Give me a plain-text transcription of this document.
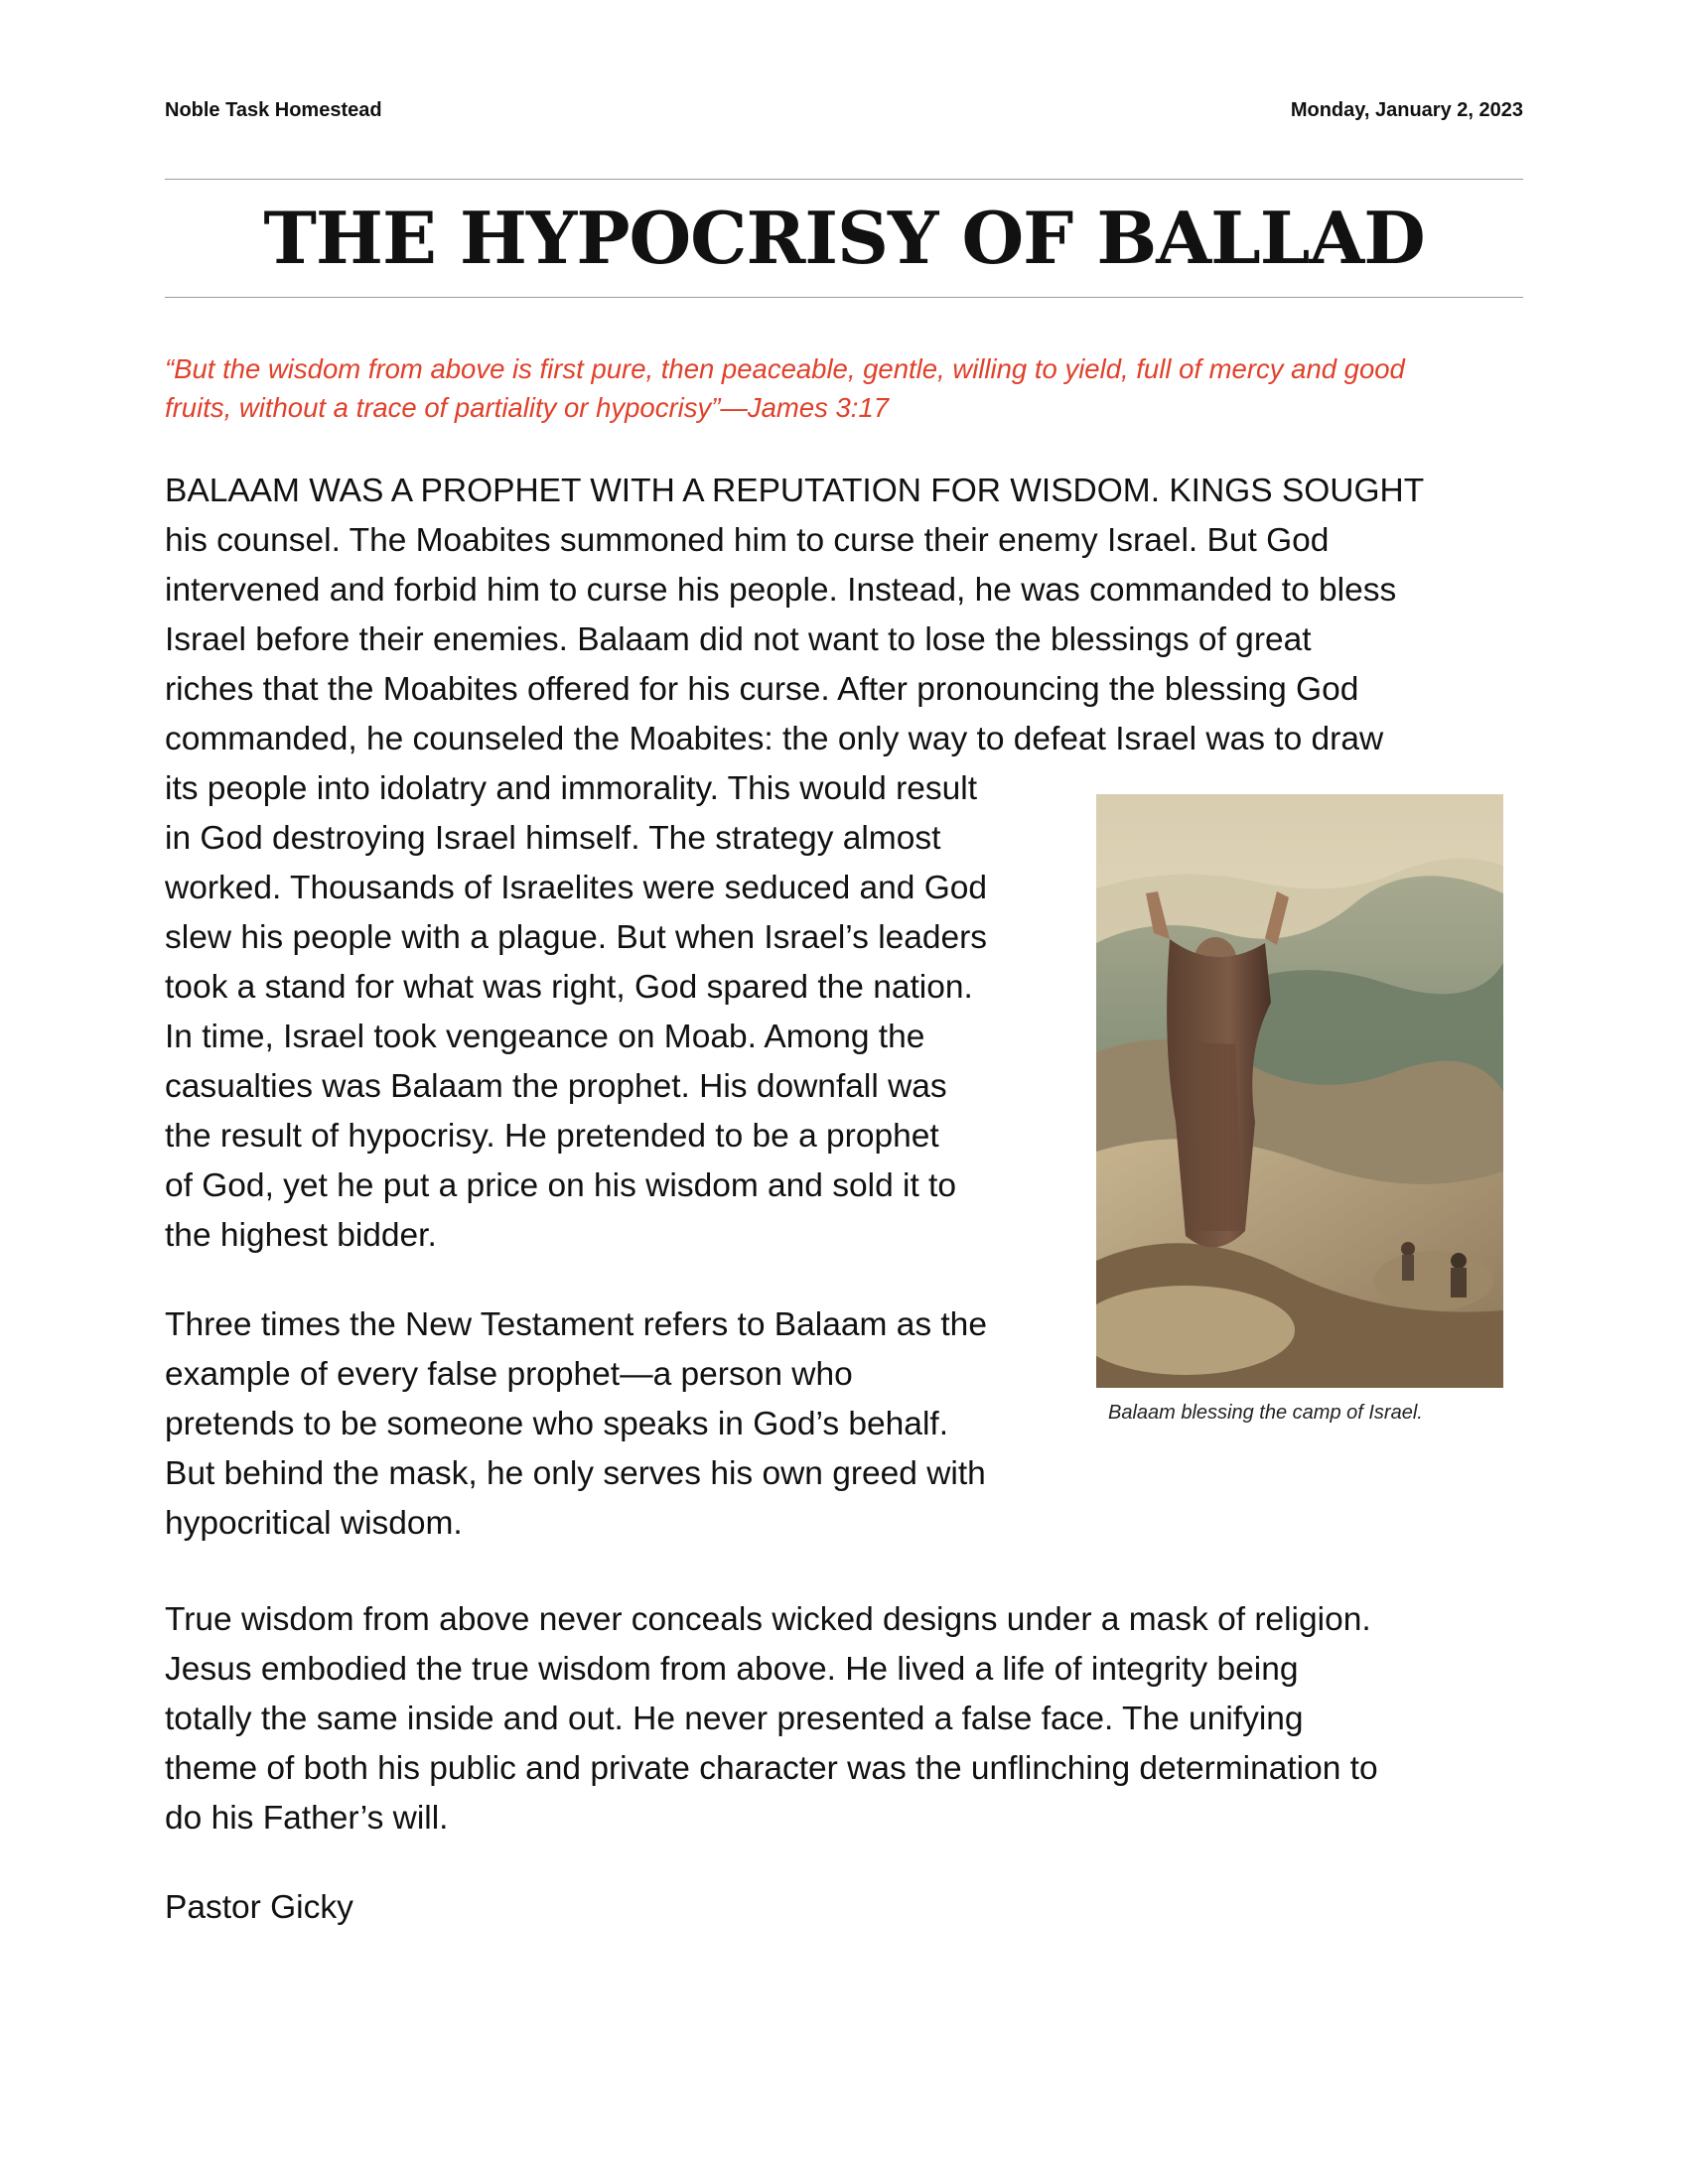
Noble Task Homestead	Monday, January 2, 2023
THE HYPOCRISY OF BALLAD

“But the wisdom from above is first pure, then peaceable, gentle, willing to yield, full of mercy and good
fruits, without a trace of partiality or hypocrisy”—James 3:17

BALAAM WAS A PROPHET WITH A REPUTATION FOR WISDOM. KINGS SOUGHT
his counsel. The Moabites summoned him to curse their enemy Israel. But God
intervened and forbid him to curse his people. Instead, he was commanded to bless
Israel before their enemies. Balaam did not want to lose the blessings of great
riches that the Moabites offered for his curse. After pronouncing the blessing God
commanded, he counseled the Moabites: the only way to defeat Israel was to draw

its people into idolatry and immorality. This would result
in God destroying Israel himself. The strategy almost
worked. Thousands of Israelites were seduced and God
slew his people with a plague. But when Israel’s leaders
took a stand for what was right, God spared the nation.
In time, Israel took vengeance on Moab. Among the
casualties was Balaam the prophet. His downfall was
the result of hypocrisy. He pretended to be a prophet
of God, yet he put a price on his wisdom and sold it to
the highest bidder.

Three times the New Testament refers to Balaam as the
example of every false prophet—a person who
pretends to be someone who speaks in God’s behalf.
But behind the mask, he only serves his own greed with
hypocritical wisdom.

True wisdom from above never conceals wicked designs under a mask of religion.
Jesus embodied the true wisdom from above. He lived a life of integrity being
totally the same inside and out. He never presented a false face. The unifying
theme of both his public and private character was the unflinching determination to
do his Father’s will.

Pastor Gicky

Balaam blessing the camp of Israel.
